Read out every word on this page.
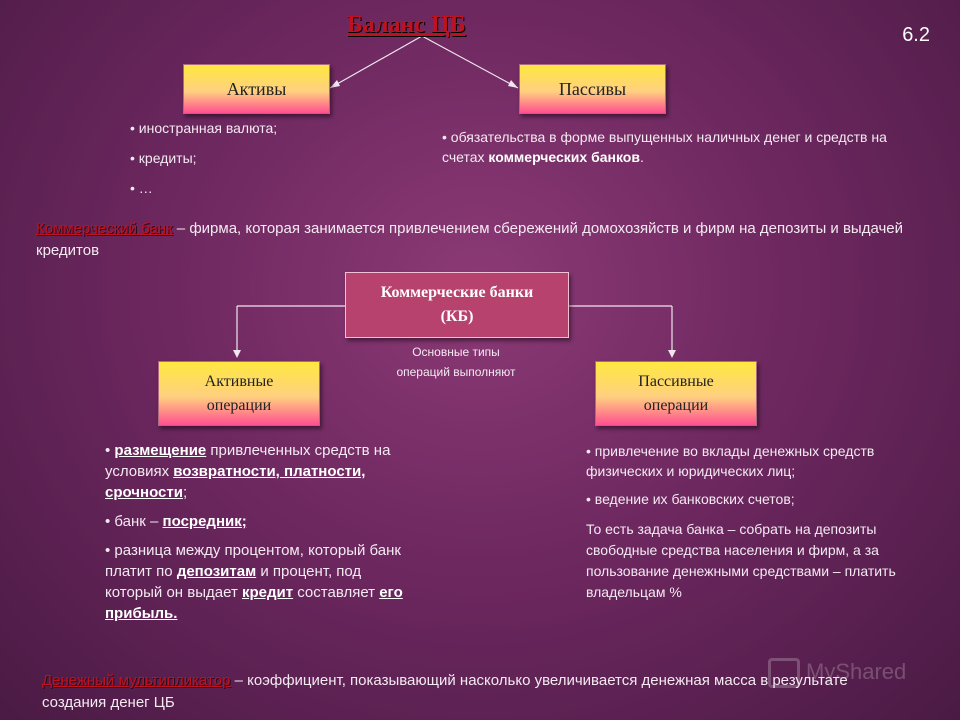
Баланс ЦБ	6.2
Активы	Пассивы
• иностранная валюта;
• кредиты;
• …
• обязательства в форме выпущенных наличных денег и средств на счетах коммерческих банков.
Коммерческий банк – фирма, которая занимается привлечением сбережений домохозяйств и фирм на депозиты и выдачей кредитов
Коммерческие банки
(КБ)
Основные типы
операций выполняют
Активные
операции
Пассивные
операции
• размещение привлеченных средств на условиях возвратности, платности, срочности;
• банк – посредник;
• разница между процентом, который банк платит по депозитам и процент, под который он выдает кредит составляет его прибыль.
• привлечение во вклады денежных средств физических и юридических лиц;
• ведение их банковских счетов;
То есть задача банка – собрать на депозиты свободные средства населения и фирм, а за пользование денежными средствами – платить владельцам %
MyShared
Денежный мультипликатор – коэффициент, показывающий насколько увеличивается денежная масса в результате создания денег ЦБ
